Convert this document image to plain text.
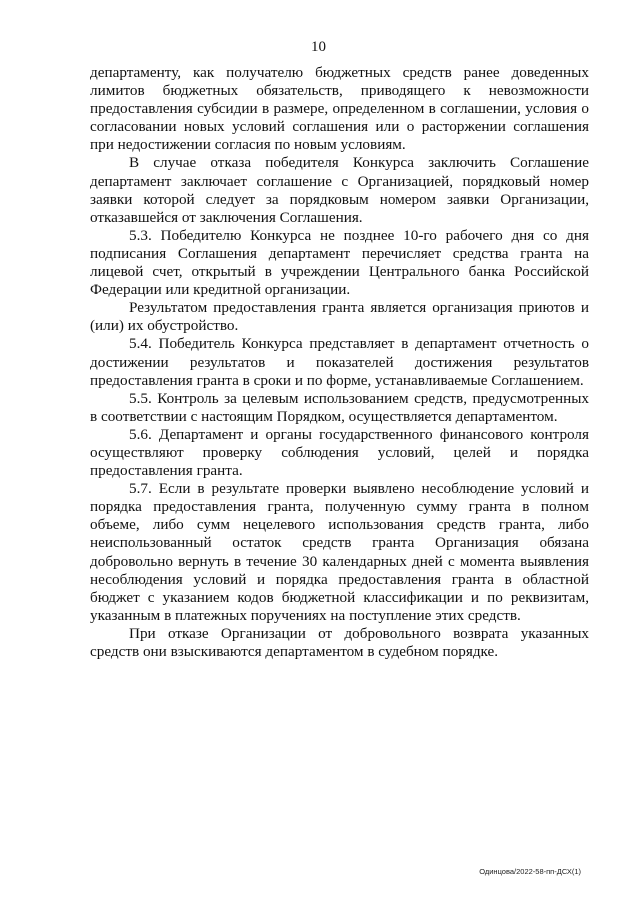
10

департаменту, как получателю бюджетных средств ранее доведенных лимитов бюджетных обязательств, приводящего к невозможности предоставления субсидии в размере, определенном в соглашении, условия о согласовании новых условий соглашения или о расторжении соглашения при недостижении согласия по новым условиям.

В случае отказа победителя Конкурса заключить Соглашение департамент заключает соглашение с Организацией, порядковый номер заявки которой следует за порядковым номером заявки Организации, отказавшейся от заключения Соглашения.

5.3. Победителю Конкурса не позднее 10-го рабочего дня со дня подписания Соглашения департамент перечисляет средства гранта на лицевой счет, открытый в учреждении Центрального банка Российской Федерации или кредитной организации.

Результатом предоставления гранта является организация приютов и (или) их обустройство.

5.4. Победитель Конкурса представляет в департамент отчетность о достижении результатов и показателей достижения результатов предоставления гранта в сроки и по форме, устанавливаемые Соглашением.

5.5. Контроль за целевым использованием средств, предусмотренных в соответствии с настоящим Порядком, осуществляется департаментом.

5.6. Департамент и органы государственного финансового контроля осуществляют проверку соблюдения условий, целей и порядка предоставления гранта.

5.7. Если в результате проверки выявлено несоблюдение условий и порядка предоставления гранта, полученную сумму гранта в полном объеме, либо сумм нецелевого использования средств гранта, либо неиспользованный остаток средств гранта Организация обязана добровольно вернуть в течение 30 календарных дней с момента выявления несоблюдения условий и порядка предоставления гранта в областной бюджет с указанием кодов бюджетной классификации и по реквизитам, указанным в платежных поручениях на поступление этих средств.

При отказе Организации от добровольного возврата указанных средств они взыскиваются департаментом в судебном порядке.

Одинцова/2022-58-пп-ДСХ(1)
